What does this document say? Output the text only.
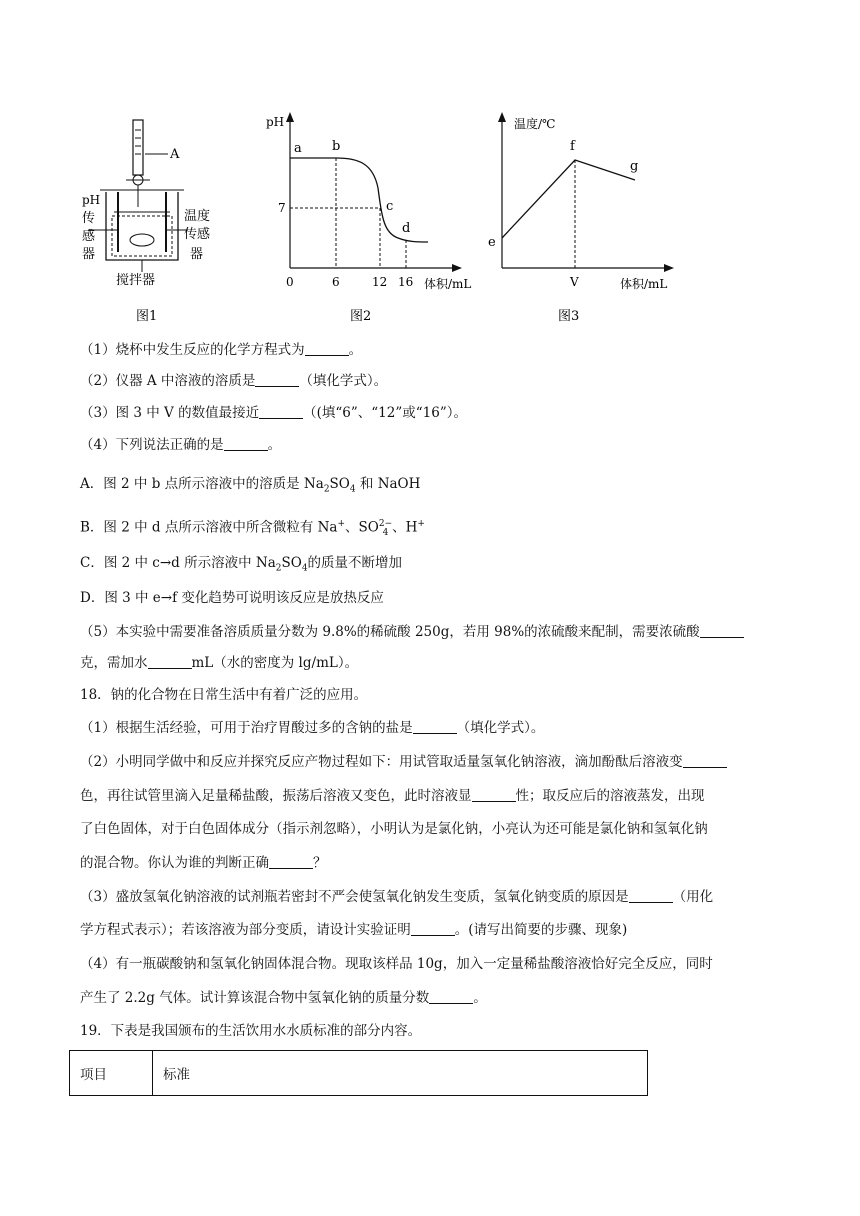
A
pH
传
感
器
温度
传感
器
搅拌器
图1
pH
体积/mL
0	6	12 16
7
a b
c
d
图2
温度/℃
体积/mL
V
e
f
g
图3
（1）烧杯中发生反应的化学方程式为	。
（2）仪器 A 中溶液的溶质是	（填化学式）。
（3）图 3 中 V 的数值最接近	（(填“6”、“12”或“16”）。
（4）下列说法正确的是	。
A．图 2 中 b 点所示溶液中的溶质是 $Na_2SO_4$ 和 NaOH
B．图 2 中 d 点所示溶液中所含微粒有 Na+、SO2−
4 、H+
C．图 2 中 c→d 所示溶液中 $Na_2SO_4$的质量不断增加
D．图 3 中 e→f 变化趋势可说明该反应是放热反应
（5）本实验中需要准备溶质质量分数为 9.8%的稀硫酸 250g，若用 98%的浓硫酸来配制，需要浓硫酸
克，需加水	mL（水的密度为 lg/mL）。
18．钠的化合物在日常生活中有着广泛的应用。
（1）根据生活经验，可用于治疗胃酸过多的含钠的盐是	（填化学式）。
（2）小明同学做中和反应并探究反应产物过程如下：用试管取适量氢氧化钠溶液，滴加酚酞后溶液变
色，再往试管里滴入足量稀盐酸，振荡后溶液又变色，此时溶液显	性；取反应后的溶液蒸发，出现
了白色固体，对于白色固体成分（指示剂忽略），小明认为是氯化钠，小亮认为还可能是氯化钠和氢氧化钠
的混合物。你认为谁的判断正确	？
（3）盛放氢氧化钠溶液的试剂瓶若密封不严会使氢氧化钠发生变质，氢氧化钠变质的原因是	（用化
学方程式表示）；若该溶液为部分变质，请设计实验证明	。(请写出简要的步骤、现象)
（4）有一瓶碳酸钠和氢氧化钠固体混合物。现取该样品 10g，加入一定量稀盐酸溶液恰好完全反应，同时
产生了 2.2g 气体。试计算该混合物中氢氧化钠的质量分数	。
19．下表是我国颁布的生活饮用水水质标准的部分内容。
项目	标准
